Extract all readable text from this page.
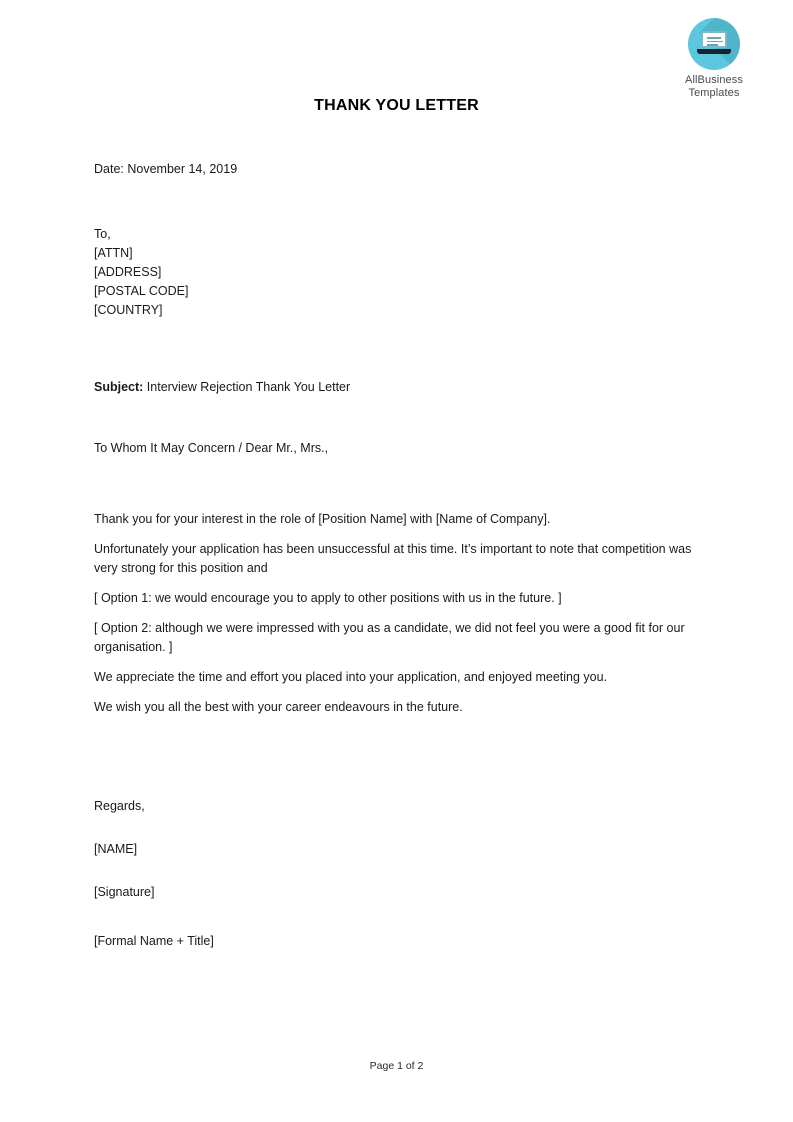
AllBusiness
Templates
THANK YOU LETTER

Date: November 14, 2019

To,

[ATTN]

[ADDRESS]

[POSTAL CODE]

[COUNTRY]

Subject: Interview Rejection Thank You Letter

To Whom It May Concern / Dear Mr., Mrs.,

Thank you for your interest in the role of [Position Name] with [Name of Company].

Unfortunately your application has been unsuccessful at this time. It’s important to note that competition was very strong for this position and

[ Option 1: we would encourage you to apply to other positions with us in the future. ]

[ Option 2: although we were impressed with you as a candidate, we did not feel you were a good fit for our organisation. ]

We appreciate the time and effort you placed into your application, and enjoyed meeting you.

We wish you all the best with your career endeavours in the future.

Regards,

[NAME]

[Signature]

[Formal Name + Title]

Page 1 of 2
